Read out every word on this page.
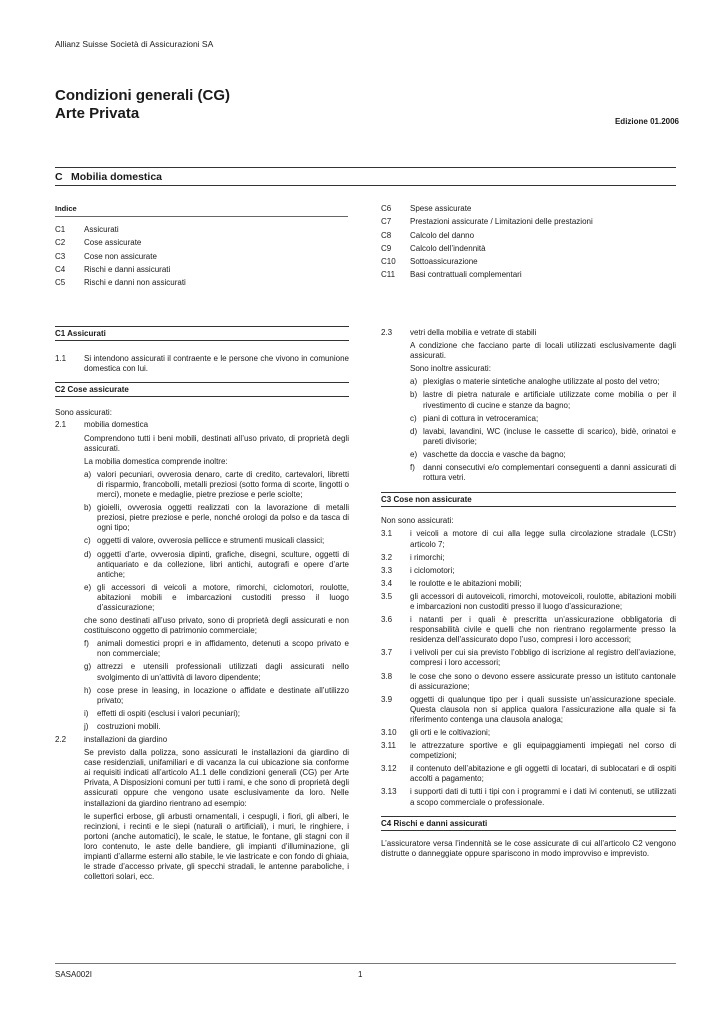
Allianz Suisse Società di Assicurazioni SA
Condizioni generali (CG)
Arte Privata	Edizione 01.2006
C Mobilia domestica
Indice
C1	Assicurati
C2	Cose assicurate
C3	Cose non assicurate
C4	Rischi e danni assicurati
C5	Rischi e danni non assicurati
C6	Spese assicurate
C7	Prestazioni assicurate / Limitazioni delle prestazioni
C8	Calcolo del danno
C9	Calcolo dell’indennità
C10	Sottoassicurazione
C11	Basi contrattuali complementari
C1 Assicurati
1.1	Si intendono assicurati il contraente e le persone che vivono in comunione domestica con lui.
C2 Cose assicurate

Sono assicurati:

2.1	mobilia domestica

Comprendono tutti i beni mobili, destinati all’uso privato, di proprietà degli assicurati.

La mobilia domestica comprende inoltre:

a) valori pecuniari, ovverosia denaro, carte di credito, cartevalori, libretti di risparmio, francobolli, metalli preziosi (sotto forma di scorte, lingotti o merci), monete e medaglie, pietre preziose e perle sciolte;
b) gioielli, ovverosia oggetti realizzati con la lavorazione di metalli preziosi, pietre preziose e perle, nonché orologi da polso e da tasca di ogni tipo;
c) oggetti di valore, ovverosia pellicce e strumenti musicali classici;
d) oggetti d’arte, ovverosia dipinti, grafiche, disegni, sculture, oggetti di antiquariato e da collezione, libri antichi, autografi e opere d’arte antiche;
e) gli accessori di veicoli a motore, rimorchi, ciclomotori, roulotte, abitazioni mobili e imbarcazioni custoditi presso il luogo d’assicurazione;

che sono destinati all’uso privato, sono di proprietà degli assicurati e non costituiscono oggetto di patrimonio commerciale;

f)	animali domestici propri e in affidamento, detenuti a scopo privato e non commerciale;
g) attrezzi e utensili professionali utilizzati dagli assicurati nello svolgimento di un’attività di lavoro dipendente;
h) cose prese in leasing, in locazione o affidate e destinate all’utilizzo privato;
i)	effetti di ospiti (esclusi i valori pecuniari);
j)	costruzioni mobili.
2.2	installazioni da giardino

Se previsto dalla polizza, sono assicurati le installazioni da giardino di case residenziali, unifamiliari e di vacanza la cui ubicazione sia conforme ai requisiti indicati all’articolo A1.1 delle condizioni generali (CG) per Arte Privata, A Disposizioni comuni per tutti i rami, e che sono di proprietà degli assicurati oppure che vengono usate esclusivamente da loro. Nelle installazioni da giardino rientrano ad esempio:

le superfici erbose, gli arbusti ornamentali, i cespugli, i fiori, gli alberi, le recinzioni, i recinti e le siepi (naturali o artificiali), i muri, le ringhiere, i portoni (anche automatici), le scale, le statue, le fontane, gli stagni con il loro contenuto, le aste delle bandiere, gli impianti d’illuminazione, gli impianti d’allarme esterni allo stabile, le vie lastricate e con fondo di ghiaia, le strade d’accesso private, gli specchi stradali, le antenne paraboliche, i collettori solari, ecc.

2.3	vetri della mobilia e vetrate di stabili

A condizione che facciano parte di locali utilizzati esclusivamente dagli assicurati.

Sono inoltre assicurati:

a) plexiglas o materie sintetiche analoghe utilizzate al posto del vetro;
b) lastre di pietra naturale e artificiale utilizzate come mobilia o per il rivestimento di cucine e stanze da bagno;
c) piani di cottura in vetroceramica;
d) lavabi, lavandini, WC (incluse le cassette di scarico), bidè, orinatoi e pareti divisorie;
e) vaschette da doccia e vasche da bagno;
f)	danni consecutivi e/o complementari conseguenti a danni assicurati di rottura vetri.
C3 Cose non assicurate

Non sono assicurati:

3.1	i veicoli a motore di cui alla legge sulla circolazione stradale (LCStr) articolo 7;
3.2	i rimorchi;
3.3	i ciclomotori;
3.4	le roulotte e le abitazioni mobili;
3.5	gli accessori di autoveicoli, rimorchi, motoveicoli, roulotte, abitazioni mobili e imbarcazioni non custoditi presso il luogo d’assicurazione;
3.6	i natanti per i quali è prescritta un’assicurazione obbligatoria di responsabilità civile e quelli che non rientrano regolarmente presso la residenza dell’assicurato dopo l’uso, compresi i loro accessori;
3.7	i velivoli per cui sia previsto l’obbligo di iscrizione al registro dell’aviazione, compresi i loro accessori;
3.8	le cose che sono o devono essere assicurate presso un istituto cantonale di assicurazione;
3.9	oggetti di qualunque tipo per i quali sussiste un’assicurazione speciale. Questa clausola non si applica qualora l’assicurazione alla quale si fa riferimento contenga una clausola analoga;
3.10	gli orti e le coltivazioni;
3.11	le attrezzature sportive e gli equipaggiamenti impiegati nel corso di competizioni;
3.12	il contenuto dell’abitazione e gli oggetti di locatari, di sublocatari e di ospiti accolti a pagamento;
3.13	i supporti dati di tutti i tipi con i programmi e i dati ivi contenuti, se utilizzati a scopo commerciale o professionale.
C4 Rischi e danni assicurati

L’assicuratore versa l’indennità se le cose assicurate di cui all’articolo C2 vengono distrutte o danneggiate oppure spariscono in modo improvviso e imprevisto.

SASA002I	1
